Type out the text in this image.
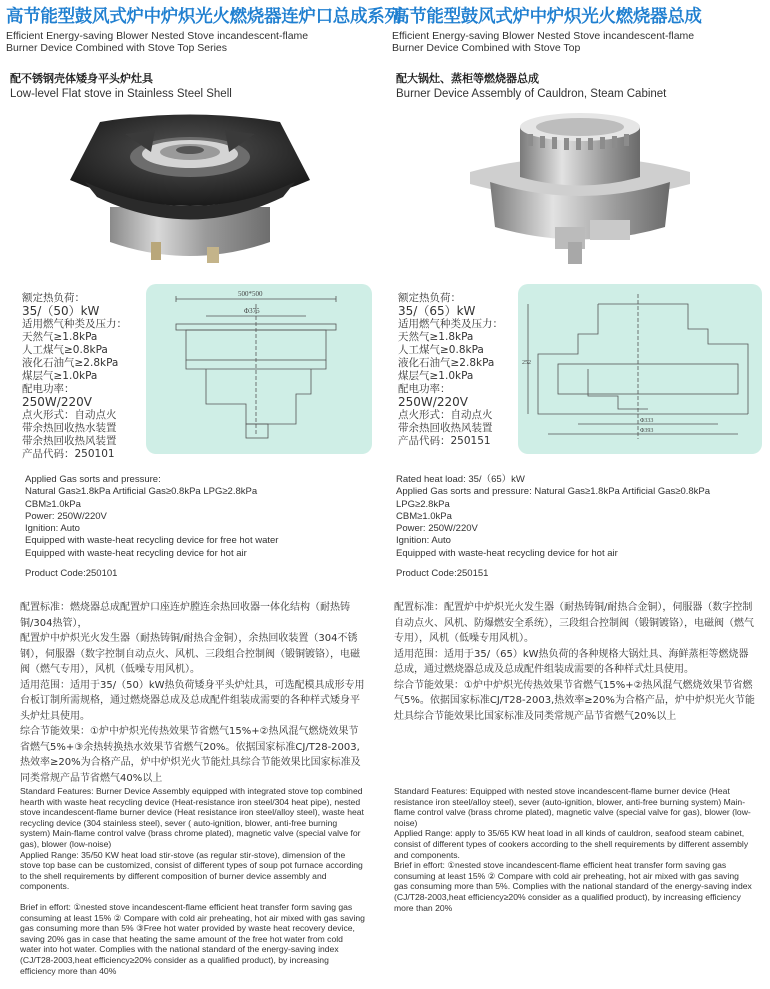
高节能型鼓风式炉中炉炽光火燃烧器连炉口总成系列
Efficient Energy-saving Blower Nested Stove incandescent-flame
Burner Device Combined with Stove Top Series
配不锈钢壳体矮身平头炉灶具
Low-level Flat stove in Stainless Steel Shell
额定热负荷：
35/（50）kW
适用燃气种类及压力：
天然气≥1.8kPa
人工煤气≥0.8kPa
液化石油气≥2.8kPa
煤层气≥1.0kPa
配电功率：
250W/220V
点火形式：自动点火
带余热回收热水装置
带余热回收热风装置
产品代码：250101
500*500
Φ375
Applied Gas sorts and pressure:
Natural Gas≥1.8kPa Artificial Gas≥0.8kPa LPG≥2.8kPa
CBM≥1.0kPa
Power: 250W/220V
Ignition: Auto
Equipped with waste-heat recycling device for free hot water
Equipped with waste-heat recycling device for hot air
Product Code:250101

配置标准：燃烧器总成配置炉口座连炉膛连余热回收器一体化结构（耐热铸铜/304热管），

配置炉中炉炽光火发生器（耐热铸铜/耐热合金铜），余热回收装置（304不锈钢），伺服器（数字控制自动点火、风机、三段组合控制阀（锻铜镀铬），电磁阀（燃气专用），风机（低噪专用风机）。

适用范围：适用于35/（50）kW热负荷矮身平头炉灶具，可选配模具成形专用台板订制所需规格，通过燃烧器总成及总成配件组装成需要的各种样式矮身平头炉灶具使用。

综合节能效果：①炉中炉炽光传热效果节省燃气15%+②热风混气燃烧效果节省燃气5%+③余热转换热水效果节省燃气20%。依据国家标准CJ/T28-2003,热效率≥20%为合格产品，炉中炉炽光火节能灶具综合节能效果比国家标准及同类常规产品节省燃气40%以上

Standard Features: Burner Device Assembly equipped with integrated stove top combined hearth with waste heat recycling device (Heat-resistance iron steel/304 heat pipe), nested stove incandescent-flame burner device (Heat resistance iron steel/alloy steel), waste heat recycling device (304 stainless steel), sever ( auto-ignition, blower, anti-free burning system) Main-flame control valve (brass chrome plated), magnetic valve (special valve for gas), blower (low-noise)

Applied Range: 35/50 KW heat load stir-stove (as regular stir-stove), dimension of the stove top base can be customized, consist of different types of soup pot furnace according to the shell requirements by different composition of burner device assembly and components.

Brief in effort: ①nested stove incandescent-flame efficient heat transfer form saving gas consuming at least 15% ② Compare with cold air preheating, hot air mixed with gas saving gas consuming more than 5% ③Free hot water provided by waste heat recovery device, saving 20% gas in case that heating the same amount of the free hot water from cold water into hot water. Complies with the national standard of the energy-saving index (CJ/T28-2003,heat efficiency≥20% consider as a qualified product), by increasing efficiency more than 40%

高节能型鼓风式炉中炉炽光火燃烧器总成
Efficient Energy-saving Blower Nested Stove incandescent-flame
Burner Device Combined with Stove Top
配大锅灶、蒸柜等燃烧器总成
Burner Device Assembly of Cauldron, Steam Cabinet
额定热负荷：
35/（65）kW
适用燃气种类及压力：
天然气≥1.8kPa
人工煤气≥0.8kPa
液化石油气≥2.8kPa
煤层气≥1.0kPa
配电功率：
250W/220V
点火形式：自动点火
带余热回收热风装置
产品代码：250151
252
Φ333
Φ393
Rated heat load: 35/（65）kW
Applied Gas sorts and pressure: Natural Gas≥1.8kPa Artificial Gas≥0.8kPa
LPG≥2.8kPa
CBM≥1.0kPa
Power: 250W/220V
Ignition: Auto
Equipped with waste-heat recycling device for hot air
Product Code:250151

配置标准：配置炉中炉炽光火发生器（耐热铸铜/耐热合金铜），伺服器（数字控制自动点火、风机、防爆燃安全系统），三段组合控制阀（锻铜镀铬），电磁阀（燃气专用），风机（低噪专用风机）。

适用范围：适用于35/（65）kW热负荷的各种规格大锅灶具、海鲜蒸柜等燃烧器总成，通过燃烧器总成及总成配件组装成需要的各种样式灶具使用。

综合节能效果：①炉中炉炽光传热效果节省燃气15%+②热风混气燃烧效果节省燃气5%。依据国家标准CJ/T28-2003,热效率≥20%为合格产品，炉中炉炽光火节能灶具综合节能效果比国家标准及同类常规产品节省燃气20%以上

Standard Features: Equipped with nested stove incandescent-flame burner device (Heat resistance iron steel/alloy steel), sever (auto-ignition, blower, anti-free burning system) Main-flame control valve (brass chrome plated), magnetic valve (special valve for gas), blower (low-noise)

Applied Range: apply to 35/65 KW heat load in all kinds of cauldron, seafood steam cabinet, consist of different types of cookers according to the shell requirements by different assembly and components.

Brief in effort: ①nested stove incandescent-flame efficient heat transfer form saving gas consuming at least 15% ② Compare with cold air preheating, hot air mixed with gas saving gas consuming more than 5%. Complies with the national standard of the energy-saving index (CJ/T28-2003,heat efficiency≥20% consider as a qualified product), by increasing efficiency more than 20%
